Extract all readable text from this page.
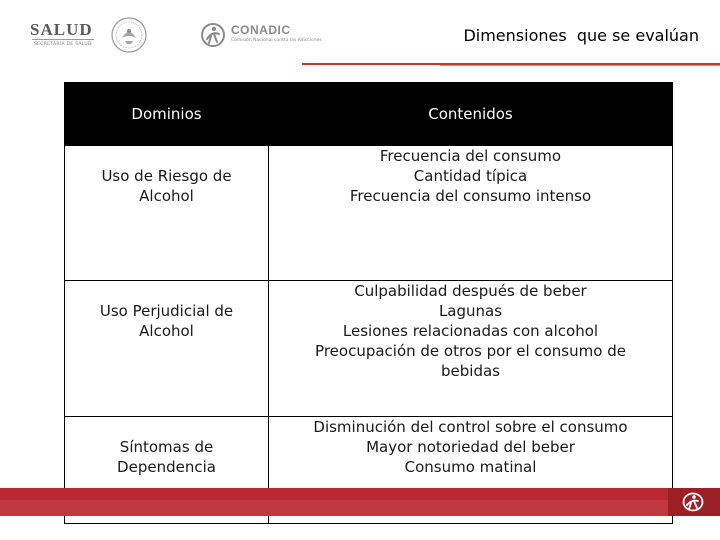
SALUD
SECRETARÍA DE SALUD
CONADIC
Comisión Nacional contra las Adicciones	Dimensiones  que se evalúan
Dominios	Contenidos

Uso de Riesgo de
Alcohol	Frecuencia del consumo
Cantidad típica
Frecuencia del consumo intenso

Uso Perjudicial de
Alcohol	Culpabilidad después de beber
Lagunas
Lesiones relacionadas con alcohol
Preocupación de otros por el consumo de
bebidas

Síntomas de
Dependencia	Disminución del control sobre el consumo
Mayor notoriedad del beber
Consumo matinal
